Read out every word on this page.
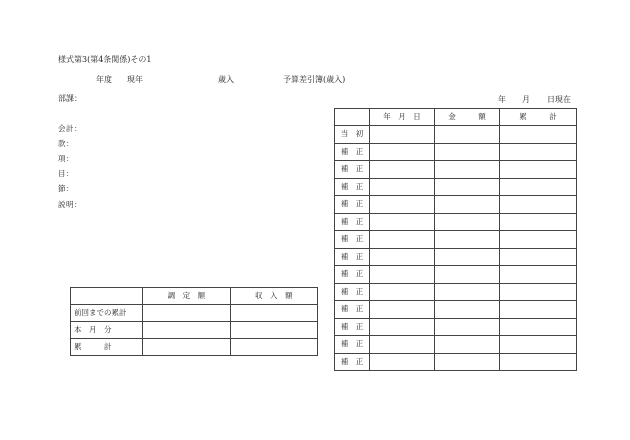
様式第3(第4条関係)その1
年度 現年	歳入	予算差引簿(歳入)
部課：	年 月 日現在
会計：
款：
項：
目：
節：
説明：
	年　月　日	金　　　額	累　　　計
当　初			
補　正			
補　正			
補　正			
補　正			
補　正			
補　正			
補　正			
補　正			
補　正			
補　正			
補　正			
補　正			
補　正			
	調　定　額	収　入　額
前回までの累計		
本　月　分		
累　　　計		
